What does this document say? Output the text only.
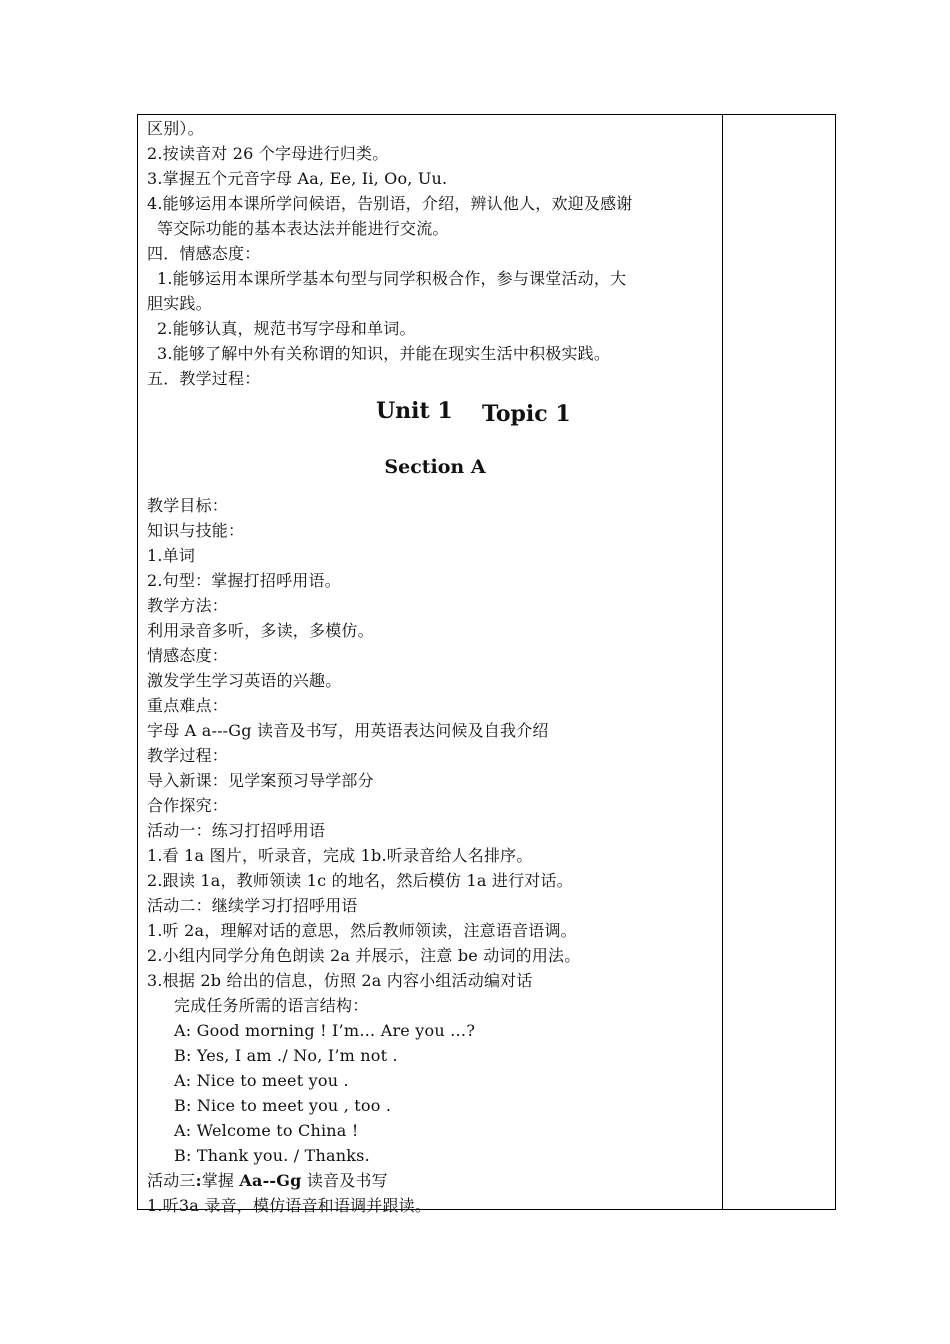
区别）。
2.按读音对 26 个字母进行归类。
3.掌握五个元音字母 Aa, Ee, Ii, Oo, Uu.
4.能够运用本课所学问候语，告别语，介绍，辨认他人，欢迎及感谢
等交际功能的基本表达法并能进行交流。
四．情感态度：
1.能够运用本课所学基本句型与同学积极合作，参与课堂活动，大
胆实践。
2.能够认真，规范书写字母和单词。
3.能够了解中外有关称谓的知识，并能在现实生活中积极实践。
五．教学过程：
Unit 1 Topic 1
Section A
教学目标：
知识与技能：
1.单词
2.句型：掌握打招呼用语。
教学方法：
利用录音多听，多读，多模仿。
情感态度：
激发学生学习英语的兴趣。
重点难点：
字母 A a---Gg 读音及书写，用英语表达问候及自我介绍
教学过程：
导入新课：见学案预习导学部分
合作探究：
活动一：练习打招呼用语
1.看 1a 图片，听录音，完成 1b.听录音给人名排序。
2.跟读 1a，教师领读 1c 的地名，然后模仿 1a 进行对话。
活动二：继续学习打招呼用语
1.听 2a，理解对话的意思，然后教师领读，注意语音语调。
2.小组内同学分角色朗读 2a 并展示，注意 be 动词的用法。
3.根据 2b 给出的信息，仿照 2a 内容小组活动编对话
完成任务所需的语言结构：
A: Good morning ! I’m… Are you …?
B: Yes, I am ./ No, I’m not .
A: Nice to meet you .
B: Nice to meet you , too .
A: Welcome to China !
B: Thank you. / Thanks.
活动三:掌握 Aa--Gg 读音及书写
1.听3a 录音，模仿语音和语调并跟读。
